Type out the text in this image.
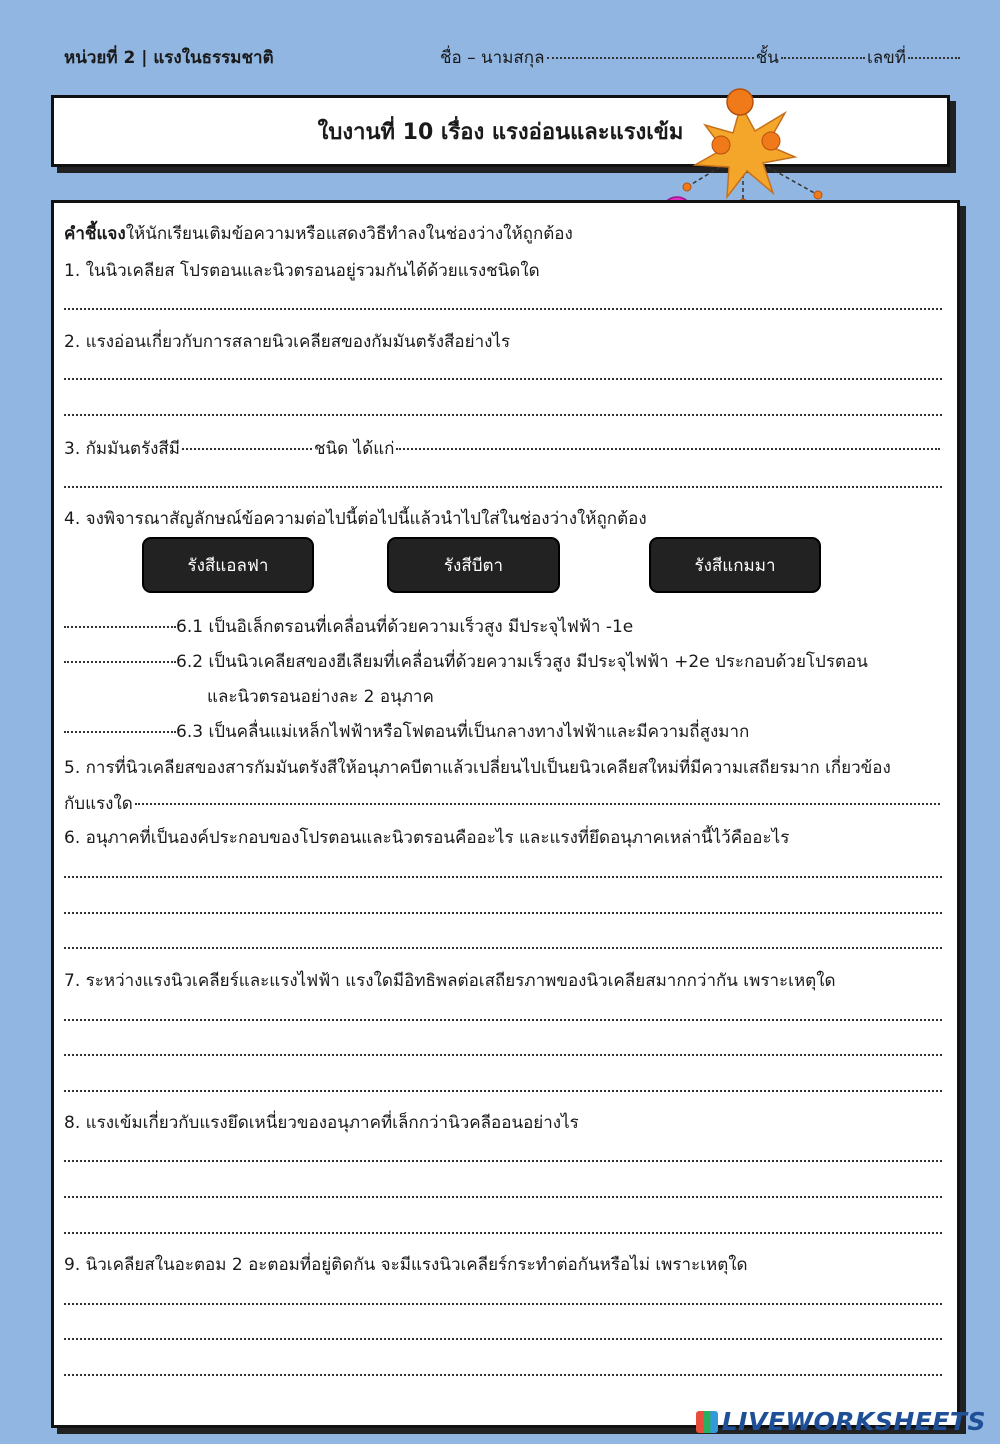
หน่วยที่ 2 | แรงในธรรมชาติ	ชื่อ – นามสกุล	ชั้น	เลขที่
ใบงานที่ 10 เรื่อง แรงอ่อนและแรงเข้ม
คำชี้แจง ให้นักเรียนเติมข้อความหรือแสดงวิธีทำลงในช่องว่างให้ถูกต้อง
1. ในนิวเคลียส โปรตอนและนิวตรอนอยู่รวมกันได้ด้วยแรงชนิดใด
2. แรงอ่อนเกี่ยวกับการสลายนิวเคลียสของกัมมันตรังสีอย่างไร
3. กัมมันตรังสีมี	ชนิด ได้แก่
4. จงพิจารณาสัญลักษณ์ข้อความต่อไปนี้ต่อไปนี้แล้วนำไปใส่ในช่องว่างให้ถูกต้อง
รังสีแอลฟา	รังสีบีตา	รังสีแกมมา
6.1 เป็นอิเล็กตรอนที่เคลื่อนที่ด้วยความเร็วสูง มีประจุไฟฟ้า -1e
6.2 เป็นนิวเคลียสของฮีเลียมที่เคลื่อนที่ด้วยความเร็วสูง มีประจุไฟฟ้า +2e ประกอบด้วยโปรตอน
และนิวตรอนอย่างละ 2 อนุภาค
6.3 เป็นคลื่นแม่เหล็กไฟฟ้าหรือโฟตอนที่เป็นกลางทางไฟฟ้าและมีความถี่สูงมาก
5. การที่นิวเคลียสของสารกัมมันตรังสีให้อนุภาคบีตาแล้วเปลี่ยนไปเป็นยนิวเคลียสใหม่ที่มีความเสถียรมาก เกี่ยวข้อง
กับแรงใด
6. อนุภาคที่เป็นองค์ประกอบของโปรตอนและนิวตรอนคืออะไร และแรงที่ยึดอนุภาคเหล่านี้ไว้คืออะไร
7. ระหว่างแรงนิวเคลียร์และแรงไฟฟ้า แรงใดมีอิทธิพลต่อเสถียรภาพของนิวเคลียสมากกว่ากัน เพราะเหตุใด
8. แรงเข้มเกี่ยวกับแรงยึดเหนี่ยวของอนุภาคที่เล็กกว่านิวคลีออนอย่างไร
9. นิวเคลียสในอะตอม 2 อะตอมที่อยู่ติดกัน จะมีแรงนิวเคลียร์กระทำต่อกันหรือไม่ เพราะเหตุใด
LIVEWORKSHEETS
